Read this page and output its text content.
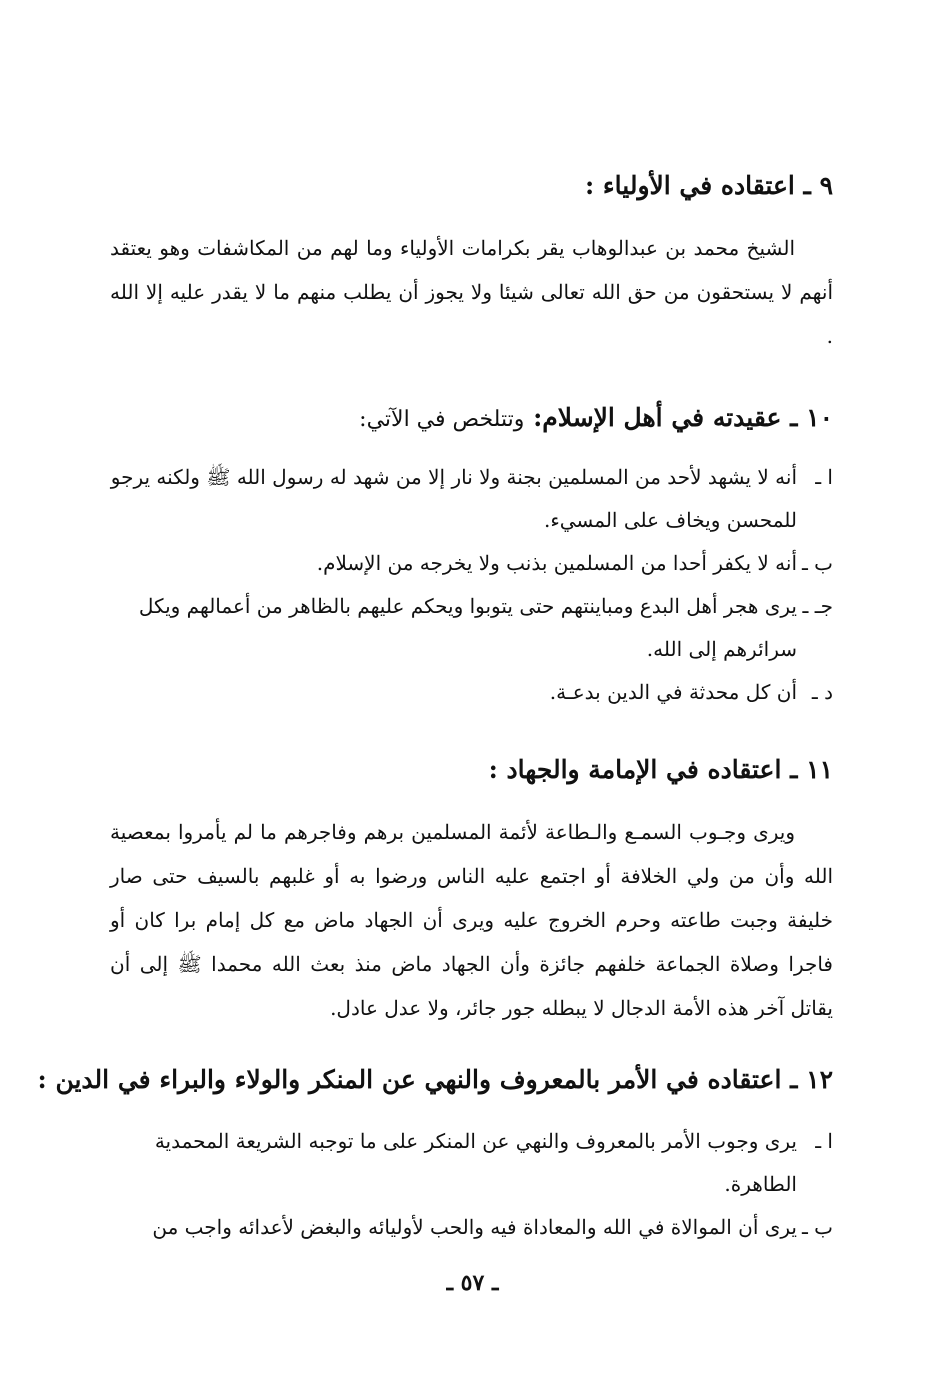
٩ ـ اعتقاده في الأولياء :
الشيخ محمد بن عبدالوهاب يقر بكرامات الأولياء وما لهم من المكاشفات وهو يعتقد أنهم لا يستحقون من حق الله تعالى شيئا ولا يجوز أن يطلب منهم ما لا يقدر عليه إلا الله .
١٠ ـ عقيدته في أهل الإسلام: وتتلخص في الآتي:
ا ـ
أنه لا يشهد لأحد من المسلمين بجنة ولا نار إلا من شهد له رسول الله ﷺ ولكنه يرجو للمحسن ويخاف على المسيء.
ب ـ
أنه لا يكفر أحدا من المسلمين بذنب ولا يخرجه من الإسلام.
جـ ـ
يرى هجر أهل البدع ومباينتهم حتى يتوبوا ويحكم عليهم بالظاهر من أعمالهم ويكل سرائرهم إلى الله.
د ـ
أن كل محدثة في الدين بدعـة.
١١ ـ اعتقاده في الإمامة والجهاد :
ويرى وجـوب السمـع والـطاعة لأئمة المسلمين برهم وفاجرهم ما لم يأمروا بمعصية الله وأن من ولي الخلافة أو اجتمع عليه الناس ورضوا به أو غلبهم بالسيف حتى صار خليفة وجبت طاعته وحرم الخروج عليه ويرى أن الجهاد ماض مع كل إمام برا كان أو فاجرا وصلاة الجماعة خلفهم جائزة وأن الجهاد ماض منذ بعث الله محمدا ﷺ إلى أن يقاتل آخر هذه الأمة الدجال لا يبطله جور جائر، ولا عدل عادل.
١٢ ـ اعتقاده في الأمر بالمعروف والنهي عن المنكر والولاء والبراء في الدين :
ا ـ
يرى وجوب الأمر بالمعروف والنهي عن المنكر على ما توجبه الشريعة المحمدية الطاهرة.
ب ـ
يرى أن الموالاة في الله والمعاداة فيه والحب لأوليائه والبغض لأعدائه واجب من
ـ ٥٧ ـ
